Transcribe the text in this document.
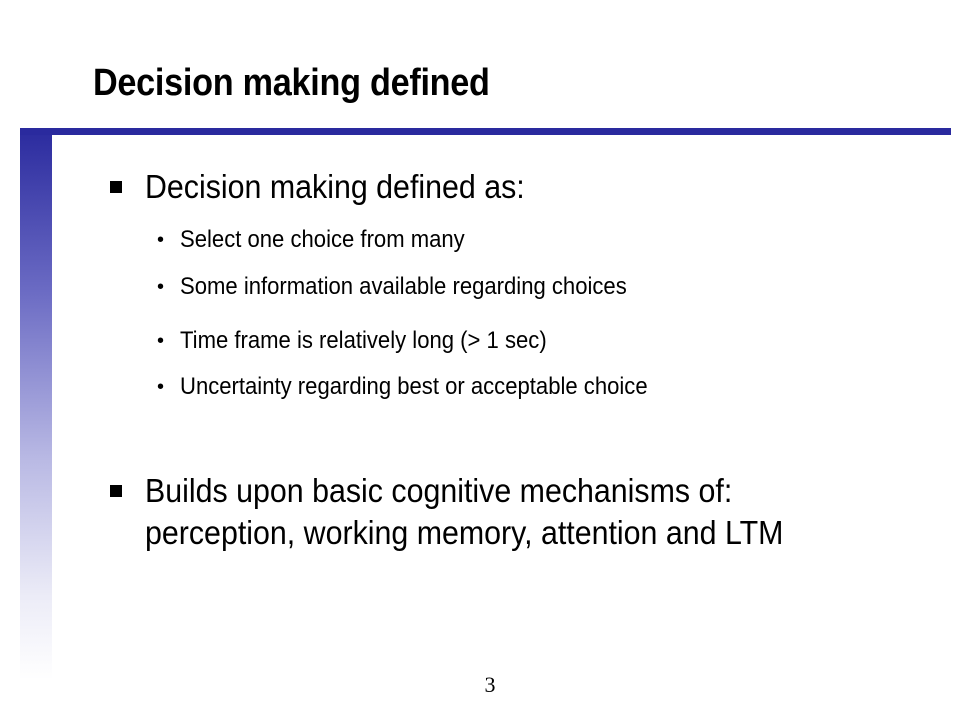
Decision making defined
Decision making defined as:
• Select one choice from many
• Some information available regarding choices
• Time frame is relatively long (> 1 sec)
• Uncertainty regarding best or acceptable choice
Builds upon basic cognitive mechanisms of:
perception, working memory, attention and LTM
3
